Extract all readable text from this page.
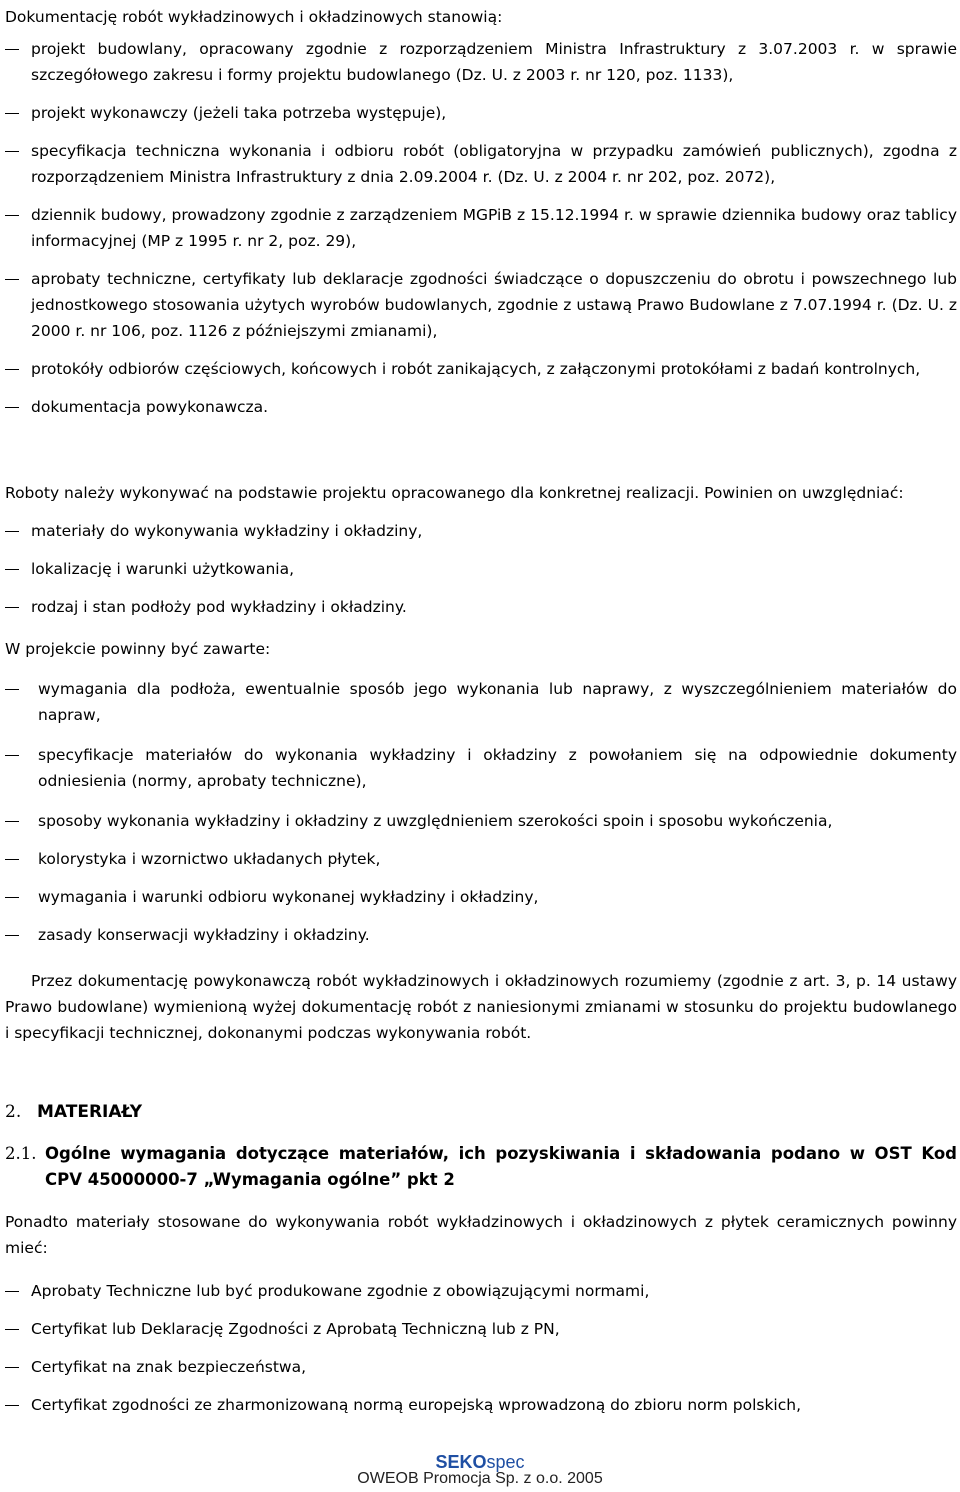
Dokumentację robót wykładzinowych i okładzinowych stanowią:

projekt budowlany, opracowany zgodnie z rozporządzeniem Ministra Infrastruktury z 3.07.2003 r. w sprawie szczegółowego zakresu i formy projektu budowlanego (Dz. U. z 2003 r. nr 120, poz. 1133),
projekt wykonawczy (jeżeli taka potrzeba występuje),
specyfikacja techniczna wykonania i odbioru robót (obligatoryjna w przypadku zamówień publicznych), zgodna z rozporządzeniem Ministra Infrastruktury z dnia 2.09.2004 r. (Dz. U. z 2004 r. nr 202, poz. 2072),
dziennik budowy, prowadzony zgodnie z zarządzeniem MGPiB z 15.12.1994 r. w sprawie dziennika budowy oraz tablicy informacyjnej (MP z 1995 r. nr 2, poz. 29),
aprobaty techniczne, certyfikaty lub deklaracje zgodności świadczące o dopuszczeniu do obrotu i powszechnego lub jednostkowego stosowania użytych wyrobów budowlanych, zgodnie z ustawą Prawo Budowlane z 7.07.1994 r. (Dz. U. z 2000 r. nr 106, poz. 1126 z późniejszymi zmianami),
protokóły odbiorów częściowych, końcowych i robót zanikających, z załączonymi protokółami z badań kontrolnych,
dokumentacja powykonawcza.

Roboty należy wykonywać na podstawie projektu opracowanego dla konkretnej realizacji. Powinien on uwzględniać:

materiały do wykonywania wykładziny i okładziny,
lokalizację i warunki użytkowania,
rodzaj i stan podłoży pod wykładziny i okładziny.

W projekcie powinny być zawarte:

wymagania dla podłoża, ewentualnie sposób jego wykonania lub naprawy, z wyszczególnieniem materiałów do napraw,
specyfikacje materiałów do wykonania wykładziny i okładziny z powołaniem się na odpowiednie dokumenty odniesienia (normy, aprobaty techniczne),
sposoby wykonania wykładziny i okładziny z uwzględnieniem szerokości spoin i sposobu wykończenia,
kolorystyka i wzornictwo układanych płytek,
wymagania i warunki odbioru wykonanej wykładziny i okładziny,
zasady konserwacji wykładziny i okładziny.

Przez dokumentację powykonawczą robót wykładzinowych i okładzinowych rozumiemy (zgodnie z art. 3, p. 14 ustawy Prawo budowlane) wymienioną wyżej dokumentację robót z naniesionymi zmianami w stosunku do projektu budowlanego i specyfikacji technicznej, dokonanymi podczas wykonywania robót.

2. MATERIAŁY
2.1. Ogólne wymagania dotyczące materiałów, ich pozyskiwania i składowania podano w OST Kod CPV 45000000-7 „Wymagania ogólne” pkt 2

Ponadto materiały stosowane do wykonywania robót wykładzinowych i okładzinowych z płytek ceramicznych powinny mieć:

Aprobaty Techniczne lub być produkowane zgodnie z obowiązującymi normami,
Certyfikat lub Deklarację Zgodności z Aprobatą Techniczną lub z PN,
Certyfikat na znak bezpieczeństwa,
Certyfikat zgodności ze zharmonizowaną normą europejską wprowadzoną do zbioru norm polskich,
SEKOspec
OWEOB Promocja Sp. z o.o. 2005
